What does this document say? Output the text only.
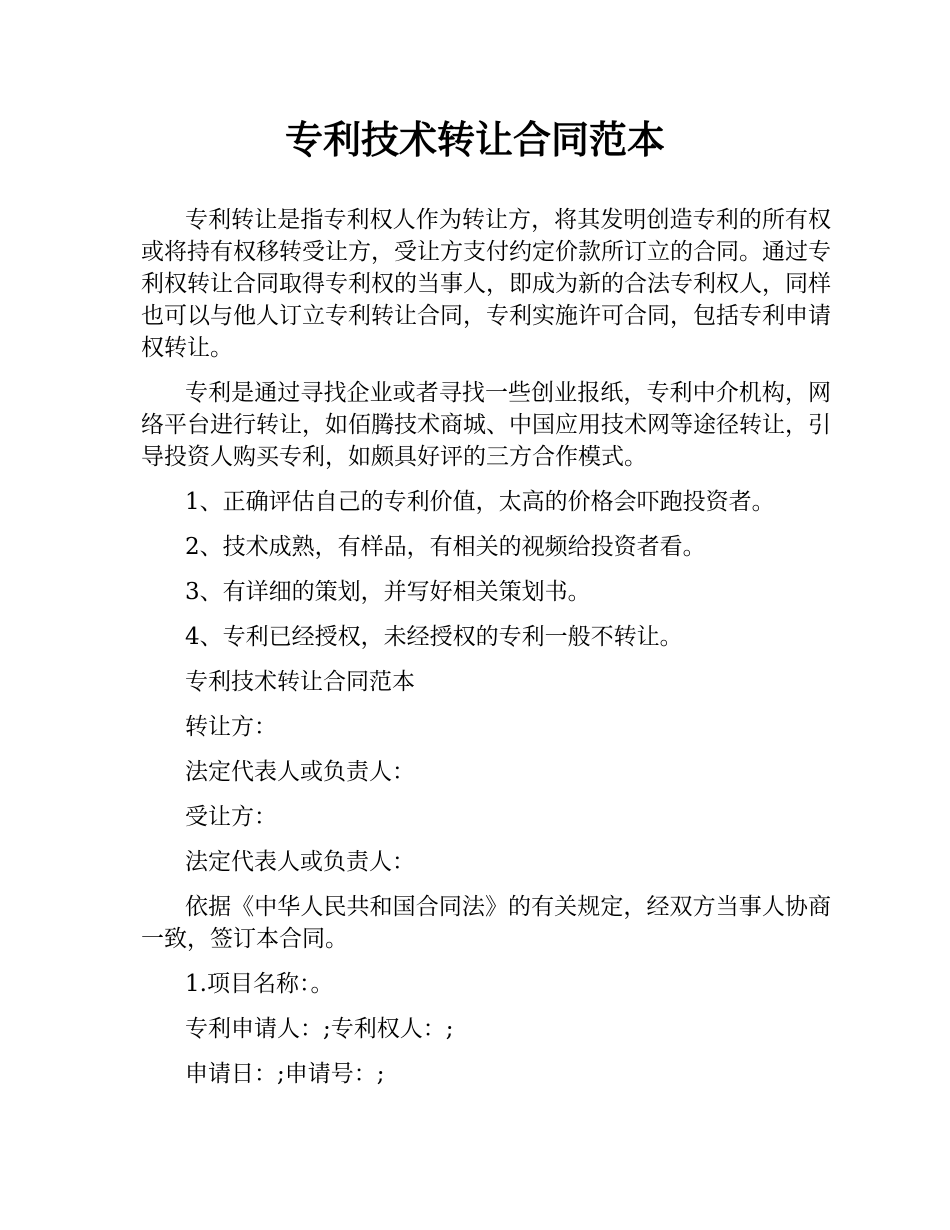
专利技术转让合同范本

专利转让是指专利权人作为转让方，将其发明创造专利的所有权或将持有权移转受让方，受让方支付约定价款所订立的合同。通过专利权转让合同取得专利权的当事人，即成为新的合法专利权人，同样也可以与他人订立专利转让合同，专利实施许可合同，包括专利申请权转让。

专利是通过寻找企业或者寻找一些创业报纸，专利中介机构，网络平台进行转让，如佰腾技术商城、中国应用技术网等途径转让，引导投资人购买专利，如颇具好评的三方合作模式。

1、正确评估自己的专利价值，太高的价格会吓跑投资者。

2、技术成熟，有样品，有相关的视频给投资者看。

3、有详细的策划，并写好相关策划书。

4、专利已经授权，未经授权的专利一般不转让。

专利技术转让合同范本

转让方：

法定代表人或负责人：

受让方：

法定代表人或负责人：

依据《中华人民共和国合同法》的有关规定，经双方当事人协商一致，签订本合同。

1.项目名称：。

专利申请人：;专利权人：;

申请日：;申请号：;
